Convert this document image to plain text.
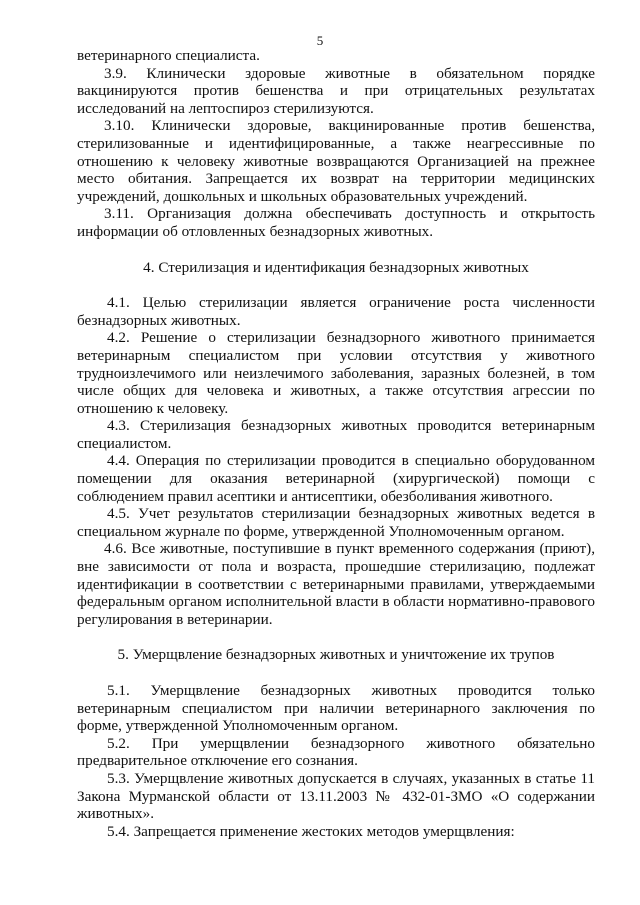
5

ветеринарного специалиста.

3.9. Клинически здоровые животные в обязательном порядке вакцинируются против бешенства и при отрицательных результатах исследований на лептоспироз стерилизуются.

3.10. Клинически здоровые, вакцинированные против бешенства, стерилизованные и идентифицированные, а также неагрессивные по отношению к человеку животные возвращаются Организацией на прежнее место обитания. Запрещается их возврат на территории медицинских учреждений, дошкольных и школьных образовательных учреждений.

3.11. Организация должна обеспечивать доступность и открытость информации об отловленных безнадзорных животных.

4. Стерилизация и идентификация безнадзорных животных

4.1. Целью стерилизации является ограничение роста численности безнадзорных животных.

4.2. Решение о стерилизации безнадзорного животного принимается ветеринарным специалистом при условии отсутствия у животного трудноизлечимого или неизлечимого заболевания, заразных болезней, в том числе общих для человека и животных, а также отсутствия агрессии по отношению к человеку.

4.3. Стерилизация безнадзорных животных проводится ветеринарным специалистом.

4.4. Операция по стерилизации проводится в специально оборудованном помещении для оказания ветеринарной (хирургической) помощи с соблюдением правил асептики и антисептики, обезболивания животного.

4.5. Учет результатов стерилизации безнадзорных животных ведется в специальном журнале по форме, утвержденной Уполномоченным органом.

4.6. Все животные, поступившие в пункт временного содержания (приют), вне зависимости от пола и возраста, прошедшие стерилизацию, подлежат идентификации в соответствии с ветеринарными правилами, утверждаемыми федеральным органом исполнительной власти в области нормативно-правового регулирования в ветеринарии.

5. Умерщвление безнадзорных животных и уничтожение их трупов

5.1. Умерщвление безнадзорных животных проводится только ветеринарным специалистом при наличии ветеринарного заключения по форме, утвержденной Уполномоченным органом.

5.2. При умерщвлении безнадзорного животного обязательно предварительное отключение его сознания.

5.3. Умерщвление животных допускается в случаях, указанных в статье 11 Закона Мурманской области от 13.11.2003 № 432-01-ЗМО «О содержании животных».

5.4. Запрещается применение жестоких методов умерщвления:
